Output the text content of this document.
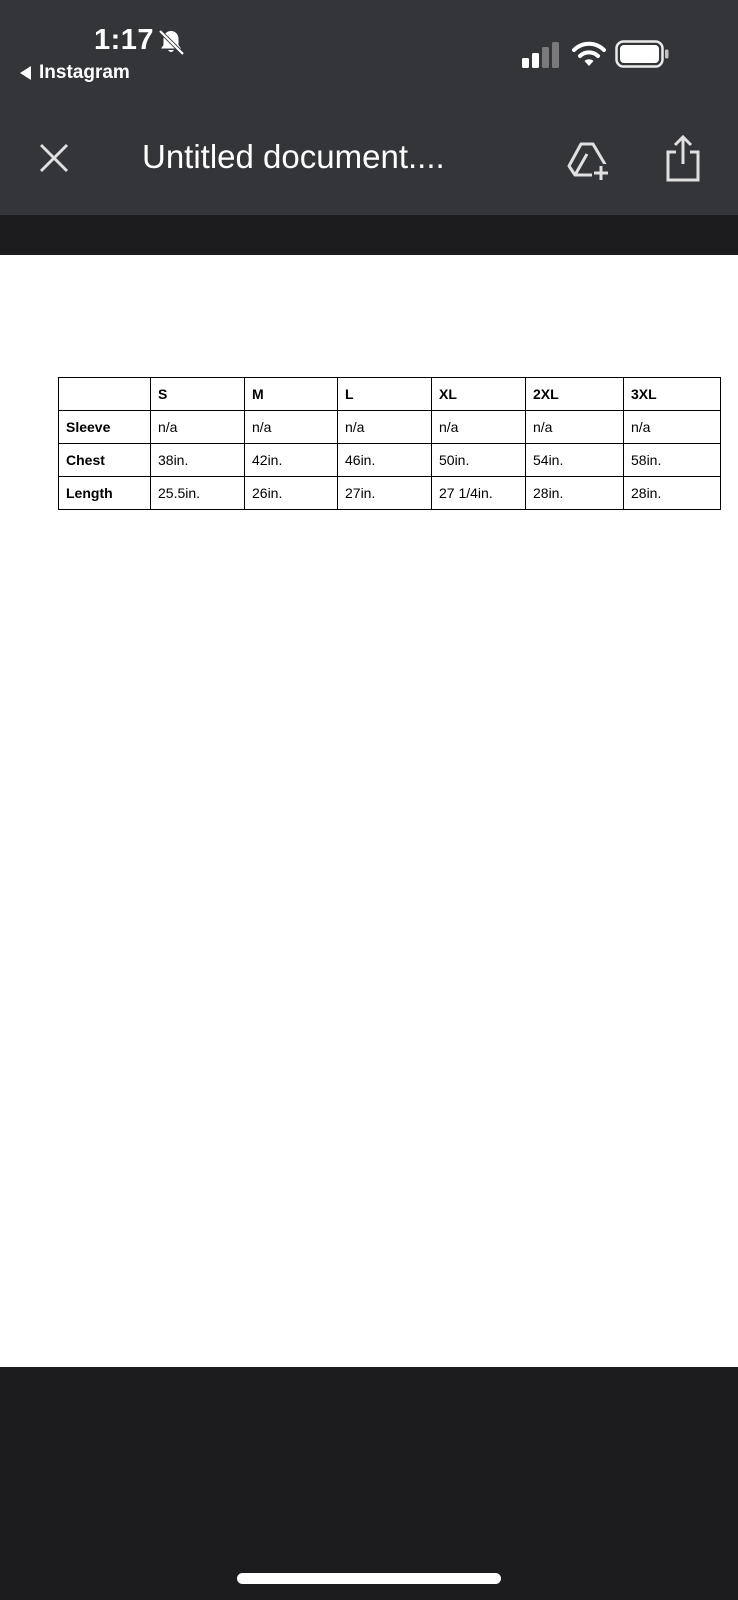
1:17
Instagram
Untitled document....
	S	M	L	XL	2XL	3XL
Sleeve	n/a	n/a	n/a	n/a	n/a	n/a
Chest	38in.	42in.	46in.	50in.	54in.	58in.
Length	25.5in.	26in.	27in.	27 1/4in.	28in.	28in.
